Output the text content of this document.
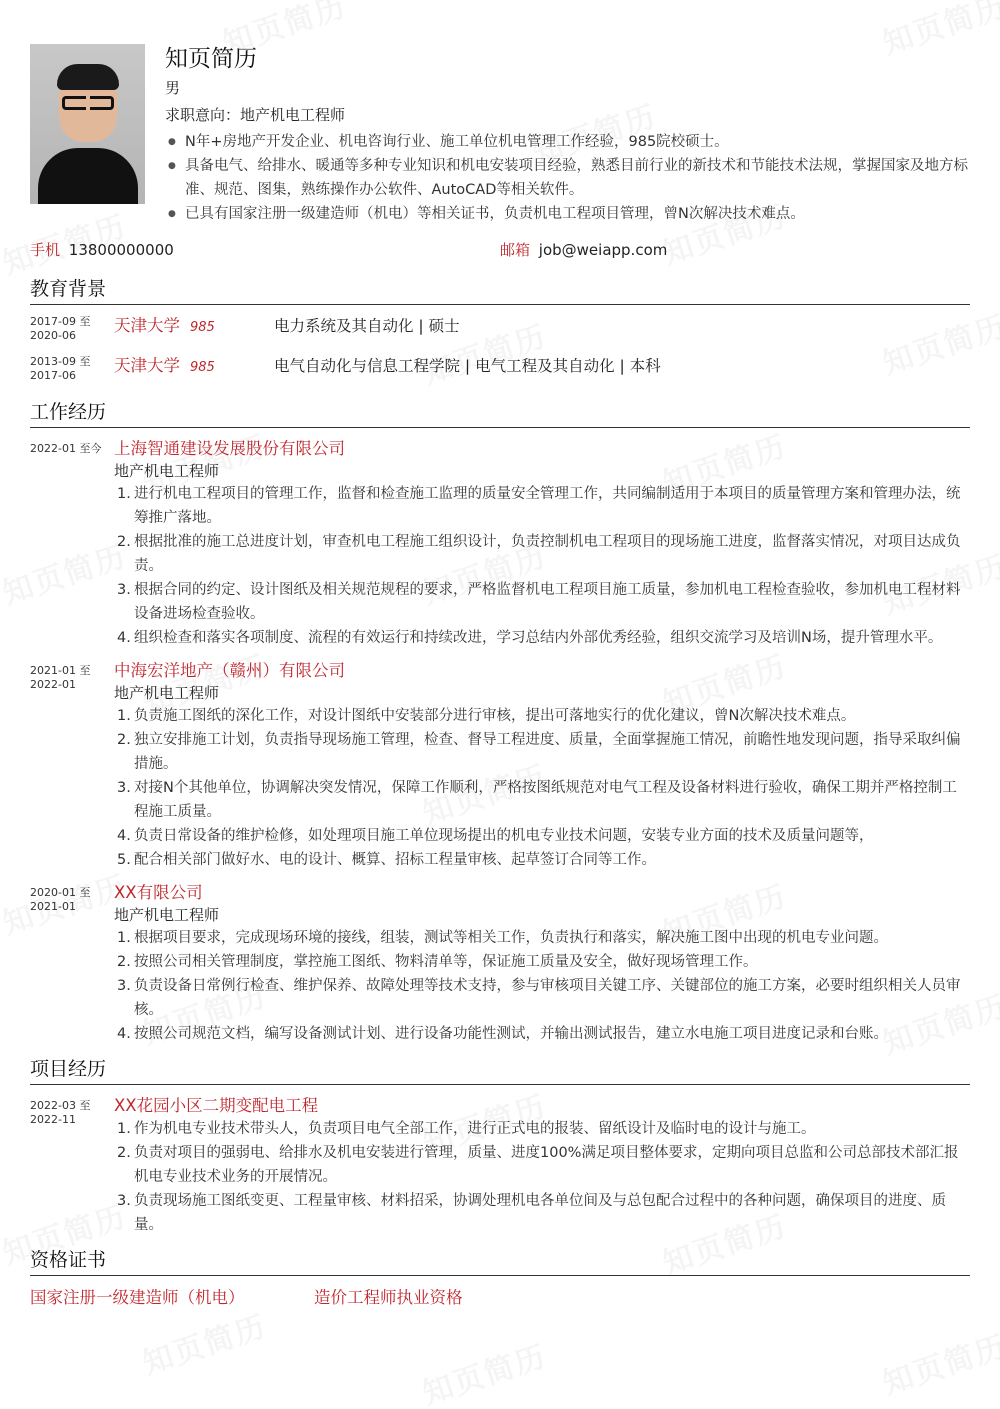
知页简历
男
求职意向：地产机电工程师
● N年+房地产开发企业、机电咨询行业、施工单位机电管理工作经验，985院校硕士。
● 具备电气、给排水、暖通等多种专业知识和机电安装项目经验，熟悉目前行业的新技术和节能技术法规，掌握国家及地方标准、规范、图集，熟练操作办公软件、AutoCAD等相关软件。
● 已具有国家注册一级建造师（机电）等相关证书，负责机电工程项目管理，曾N次解决技术难点。
手机 13800000000	邮箱 job@weiapp.com
教育背景
2017-09 至
2020-06
天津大学 985	电力系统及其自动化 | 硕士
2013-09 至
2017-06
天津大学 985	电气自动化与信息工程学院 | 电气工程及其自动化 | 本科
工作经历
2022-01 至今 上海智通建设发展股份有限公司
地产机电工程师
1. 进行机电工程项目的管理工作，监督和检查施工监理的质量安全管理工作，共同编制适用于本项目的质量管理方案和管理办法，统筹推广落地。
2. 根据批准的施工总进度计划，审查机电工程施工组织设计，负责控制机电工程项目的现场施工进度，监督落实情况，对项目达成负责。
3. 根据合同的约定、设计图纸及相关规范规程的要求，严格监督机电工程项目施工质量，参加机电工程检查验收，参加机电工程材料设备进场检查验收。
4. 组织检查和落实各项制度、流程的有效运行和持续改进，学习总结内外部优秀经验，组织交流学习及培训N场，提升管理水平。
2021-01 至
2022-01
中海宏洋地产（赣州）有限公司
地产机电工程师
1. 负责施工图纸的深化工作，对设计图纸中安装部分进行审核，提出可落地实行的优化建议，曾N次解决技术难点。
2. 独立安排施工计划，负责指导现场施工管理，检查、督导工程进度、质量，全面掌握施工情况，前瞻性地发现问题，指导采取纠偏措施。
3. 对接N个其他单位，协调解决突发情况，保障工作顺利，严格按图纸规范对电气工程及设备材料进行验收，确保工期并严格控制工程施工质量。
4. 负责日常设备的维护检修，如处理项目施工单位现场提出的机电专业技术问题，安装专业方面的技术及质量问题等，
5. 配合相关部门做好水、电的设计、概算、招标工程量审核、起草签订合同等工作。
2020-01 至
2021-01
XX有限公司
地产机电工程师
1. 根据项目要求，完成现场环境的接线，组装，测试等相关工作，负责执行和落实，解决施工图中出现的机电专业问题。
2. 按照公司相关管理制度，掌控施工图纸、物料清单等，保证施工质量及安全，做好现场管理工作。
3. 负责设备日常例行检查、维护保养、故障处理等技术支持，参与审核项目关键工序、关键部位的施工方案，必要时组织相关人员审核。
4. 按照公司规范文档，编写设备测试计划、进行设备功能性测试，并输出测试报告，建立水电施工项目进度记录和台账。
项目经历
2022-03 至
2022-11
XX花园小区二期变配电工程
1. 作为机电专业技术带头人，负责项目电气全部工作，进行正式电的报装、留纸设计及临时电的设计与施工。
2. 负责对项目的强弱电、给排水及机电安装进行管理，质量、进度100%满足项目整体要求，定期向项目总监和公司总部技术部汇报机电专业技术业务的开展情况。
3. 负责现场施工图纸变更、工程量审核、材料招采，协调处理机电各单位间及与总包配合过程中的各种问题，确保项目的进度、质量。
资格证书
国家注册一级建造师（机电）	造价工程师执业资格
